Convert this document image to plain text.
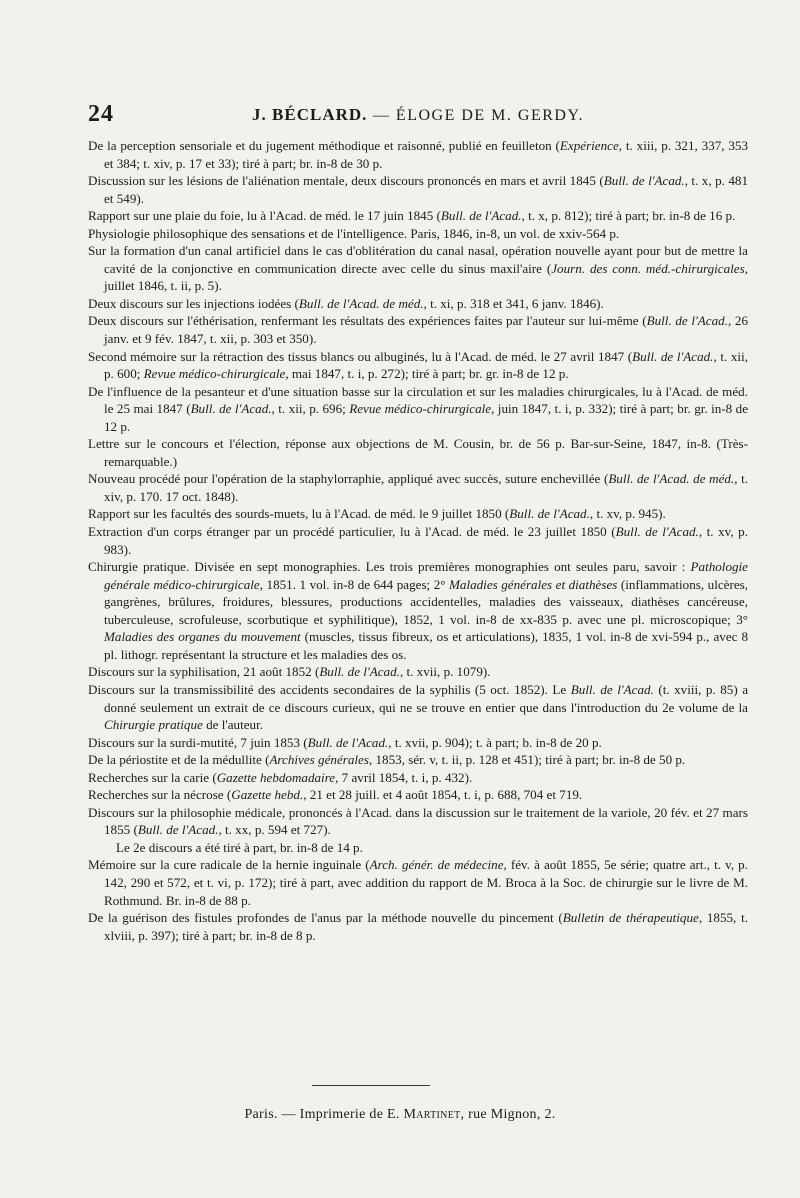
24	J. BÉCLARD. — ÉLOGE DE M. GERDY.

De la perception sensoriale et du jugement méthodique et raisonné, publié en feuilleton (Expérience, t. xiii, p. 321, 337, 353 et 384; t. xiv, p. 17 et 33); tiré à part; br. in-8 de 30 p.

Discussion sur les lésions de l'aliénation mentale, deux discours prononcés en mars et avril 1845 (Bull. de l'Acad., t. x, p. 481 et 549).

Rapport sur une plaie du foie, lu à l'Acad. de méd. le 17 juin 1845 (Bull. de l'Acad., t. x, p. 812); tiré à part; br. in-8 de 16 p.

Physiologie philosophique des sensations et de l'intelligence. Paris, 1846, in-8, un vol. de xxiv-564 p.

Sur la formation d'un canal artificiel dans le cas d'oblitération du canal nasal, opération nouvelle ayant pour but de mettre la cavité de la conjonctive en communication directe avec celle du sinus maxil'aire (Journ. des conn. méd.-chirurgicales, juillet 1846, t. ii, p. 5).

Deux discours sur les injections iodées (Bull. de l'Acad. de méd., t. xi, p. 318 et 341, 6 janv. 1846).

Deux discours sur l'éthérisation, renfermant les résultats des expériences faites par l'auteur sur lui-même (Bull. de l'Acad., 26 janv. et 9 fév. 1847, t. xii, p. 303 et 350).

Second mémoire sur la rétraction des tissus blancs ou albuginés, lu à l'Acad. de méd. le 27 avril 1847 (Bull. de l'Acad., t. xii, p. 600; Revue médico-chirurgicale, mai 1847, t. i, p. 272); tiré à part; br. gr. in-8 de 12 p.

De l'influence de la pesanteur et d'une situation basse sur la circulation et sur les maladies chirurgicales, lu à l'Acad. de méd. le 25 mai 1847 (Bull. de l'Acad., t. xii, p. 696; Revue médico-chirurgicale, juin 1847, t. i, p. 332); tiré à part; br. gr. in-8 de 12 p.

Lettre sur le concours et l'élection, réponse aux objections de M. Cousin, br. de 56 p. Bar-sur-Seine, 1847, in-8. (Très-remarquable.)

Nouveau procédé pour l'opération de la staphylorraphie, appliqué avec succès, suture enchevillée (Bull. de l'Acad. de méd., t. xiv, p. 170. 17 oct. 1848).

Rapport sur les facultés des sourds-muets, lu à l'Acad. de méd. le 9 juillet 1850 (Bull. de l'Acad., t. xv, p. 945).

Extraction d'un corps étranger par un procédé particulier, lu à l'Acad. de méd. le 23 juillet 1850 (Bull. de l'Acad., t. xv, p. 983).

Chirurgie pratique. Divisée en sept monographies. Les trois premières monographies ont seules paru, savoir : Pathologie générale médico-chirurgicale, 1851. 1 vol. in-8 de 644 pages; 2° Maladies générales et diathèses (inflammations, ulcères, gangrènes, brûlures, froidures, blessures, productions accidentelles, maladies des vaisseaux, diathèses cancéreuse, tuberculeuse, scrofuleuse, scorbutique et syphilitique), 1852, 1 vol. in-8 de xx-835 p. avec une pl. microscopique; 3° Maladies des organes du mouvement (muscles, tissus fibreux, os et articulations), 1835, 1 vol. in-8 de xvi-594 p., avec 8 pl. lithogr. représentant la structure et les maladies des os.

Discours sur la syphilisation, 21 août 1852 (Bull. de l'Acad., t. xvii, p. 1079).

Discours sur la transmissibilité des accidents secondaires de la syphilis (5 oct. 1852). Le Bull. de l'Acad. (t. xviii, p. 85) a donné seulement un extrait de ce discours curieux, qui ne se trouve en entier que dans l'introduction du 2e volume de la Chirurgie pratique de l'auteur.

Discours sur la surdi-mutité, 7 juin 1853 (Bull. de l'Acad., t. xvii, p. 904); t. à part; b. in-8 de 20 p.

De la périostite et de la médullite (Archives générales, 1853, sér. v, t. ii, p. 128 et 451); tiré à part; br. in-8 de 50 p.

Recherches sur la carie (Gazette hebdomadaire, 7 avril 1854, t. i, p. 432).

Recherches sur la nécrose (Gazette hebd., 21 et 28 juill. et 4 août 1854, t. i, p. 688, 704 et 719.

Discours sur la philosophie médicale, prononcés à l'Acad. dans la discussion sur le traitement de la variole, 20 fév. et 27 mars 1855 (Bull. de l'Acad., t. xx, p. 594 et 727).

Le 2e discours a été tiré à part, br. in-8 de 14 p.

Mémoire sur la cure radicale de la hernie inguinale (Arch. génér. de médecine, fév. à août 1855, 5e série; quatre art., t. v, p. 142, 290 et 572, et t. vi, p. 172); tiré à part, avec addition du rapport de M. Broca à la Soc. de chirurgie sur le livre de M. Rothmund. Br. in-8 de 88 p.

De la guérison des fistules profondes de l'anus par la méthode nouvelle du pincement (Bulletin de thérapeutique, 1855, t. xlviii, p. 397); tiré à part; br. in-8 de 8 p.

Paris. — Imprimerie de E. Martinet, rue Mignon, 2.
